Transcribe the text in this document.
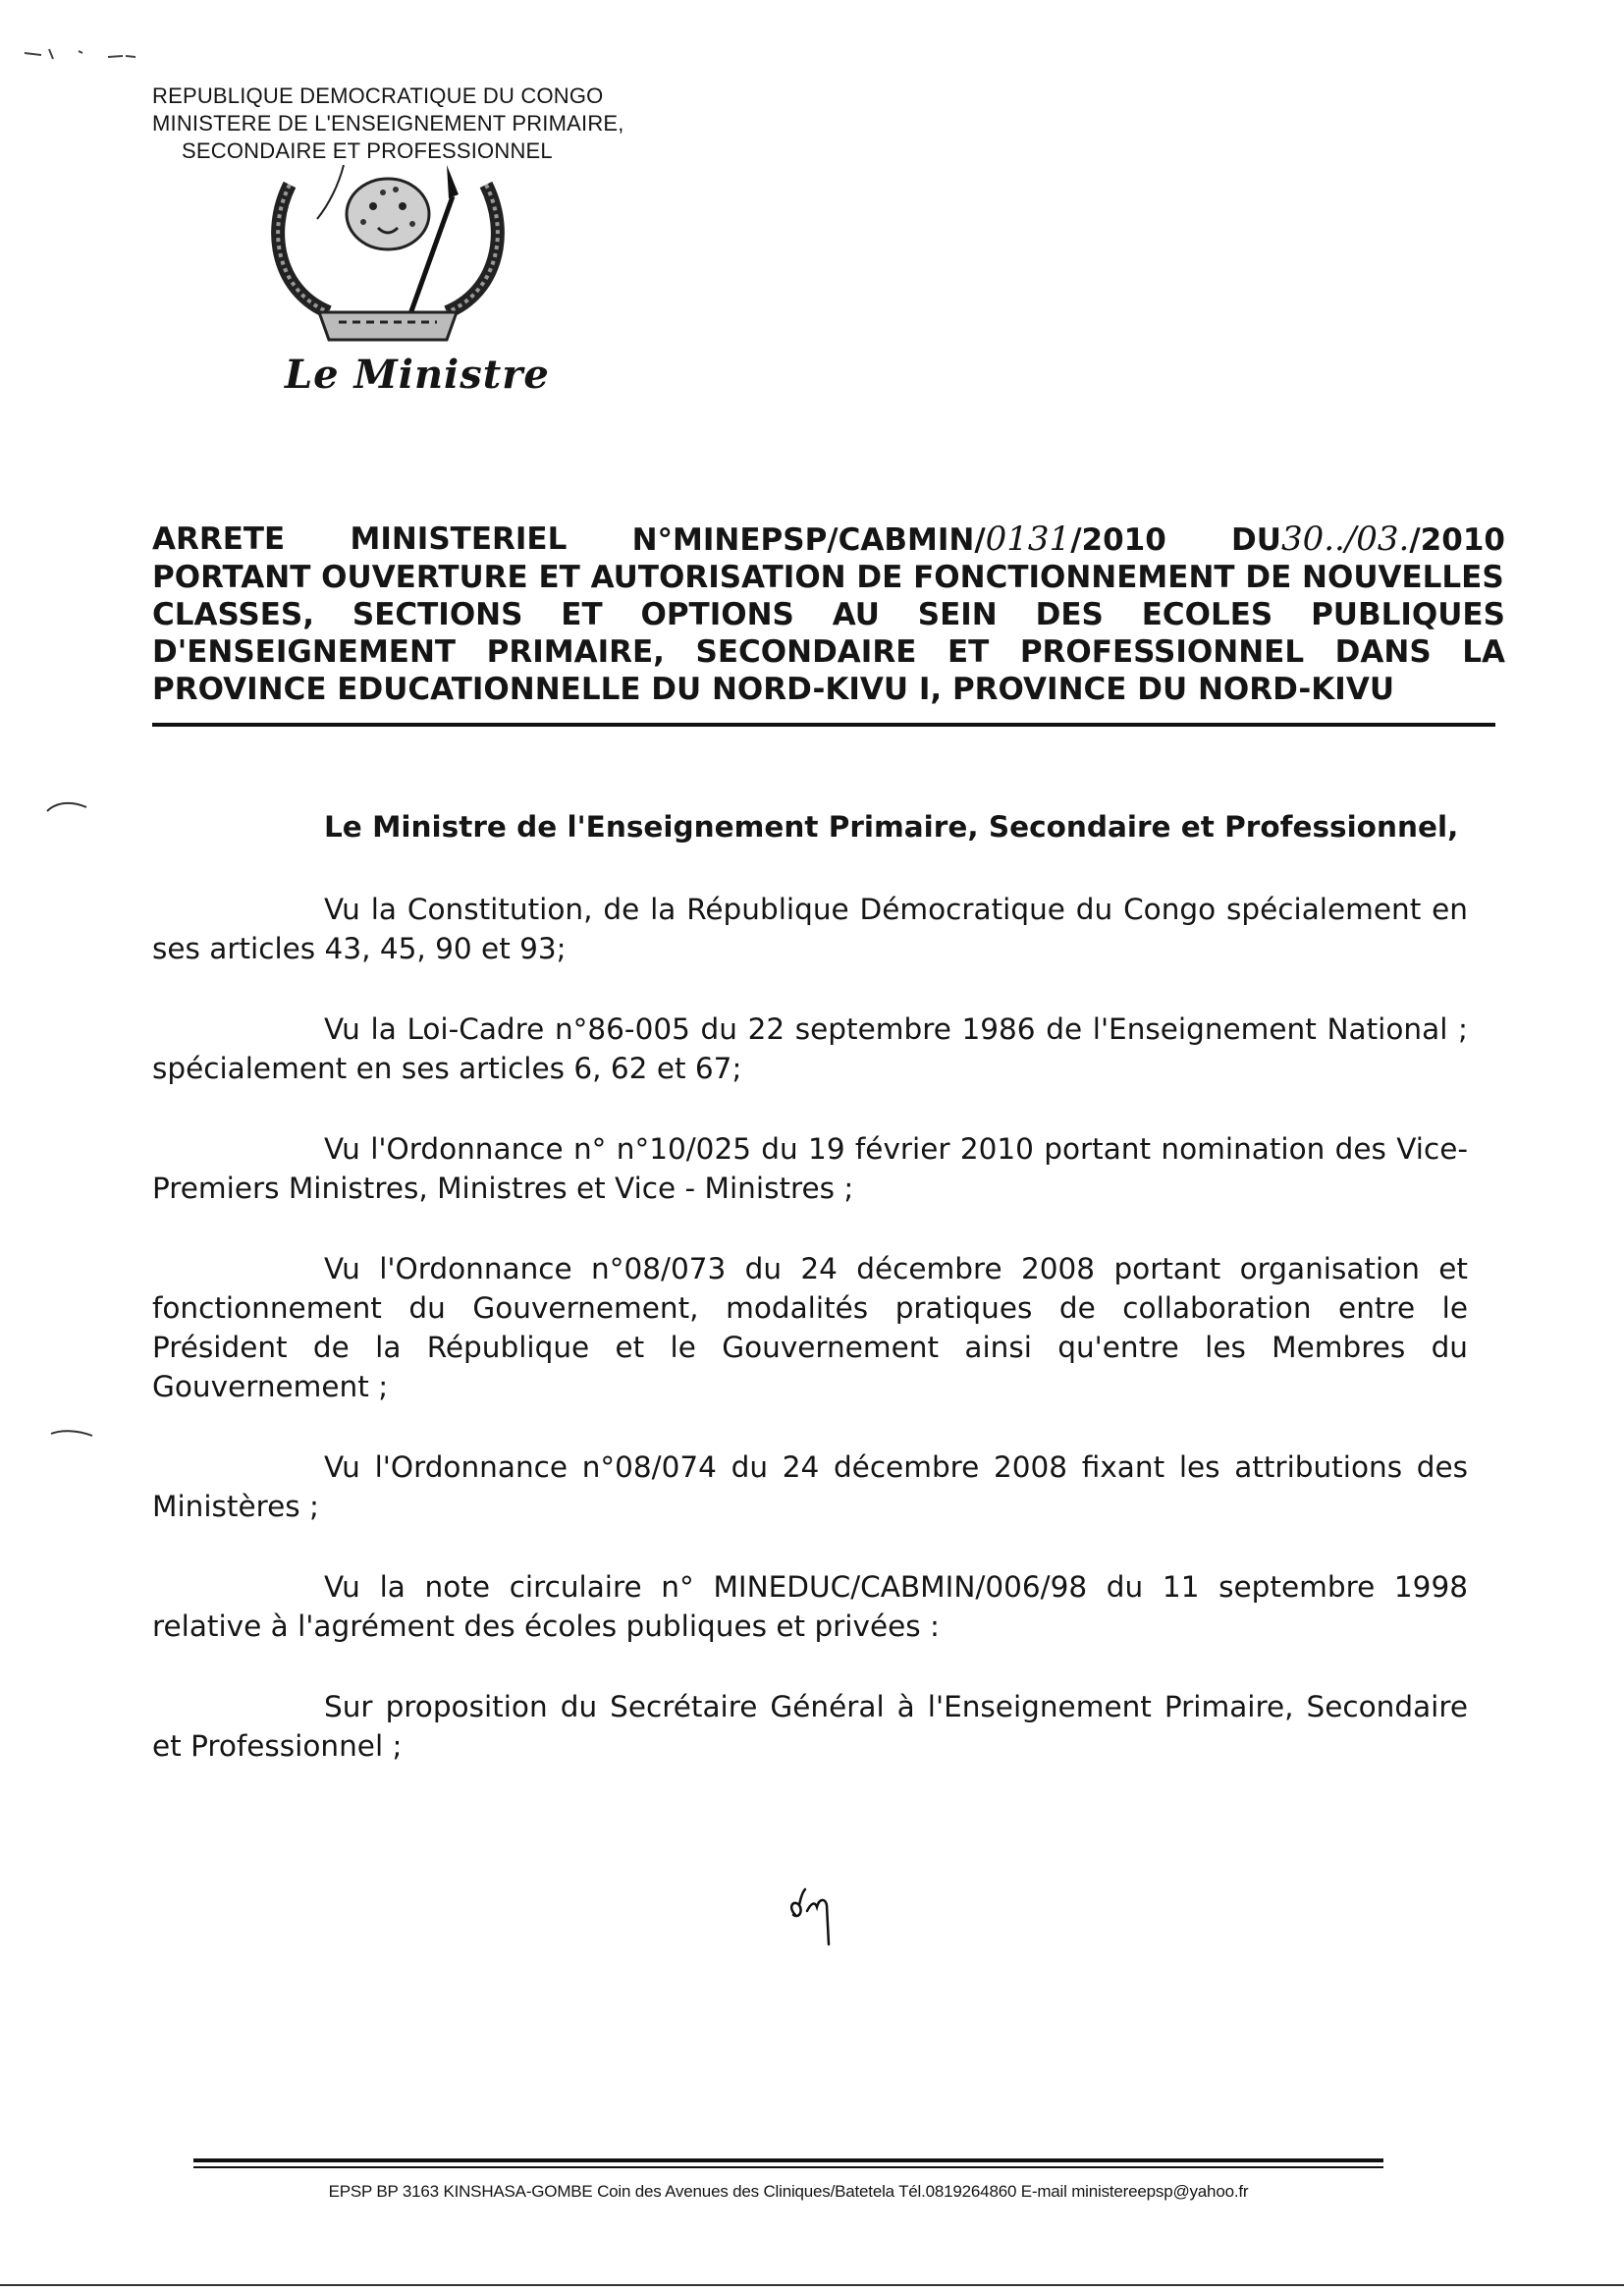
REPUBLIQUE DEMOCRATIQUE DU CONGO
MINISTERE DE L'ENSEIGNEMENT PRIMAIRE,
SECONDAIRE ET PROFESSIONNEL
Le Ministre
ARRETE MINISTERIEL N°MINEPSP/CABMIN/0131/2010 DU30../03./2010
PORTANT OUVERTURE ET AUTORISATION DE FONCTIONNEMENT DE NOUVELLES
CLASSES, SECTIONS ET OPTIONS AU SEIN DES ECOLES PUBLIQUES
D'ENSEIGNEMENT PRIMAIRE, SECONDAIRE ET PROFESSIONNEL DANS LA
PROVINCE EDUCATIONNELLE DU NORD-KIVU I, PROVINCE DU NORD-KIVU

Le Ministre de l'Enseignement Primaire, Secondaire et Professionnel,

Vu la Constitution, de la République Démocratique du Congo spécialement en ses articles 43, 45, 90 et 93;

Vu la Loi-Cadre n°86-005 du 22 septembre 1986 de l'Enseignement National ; spécialement en ses articles 6, 62 et 67;

Vu l'Ordonnance n° n°10/025 du 19 février 2010 portant nomination des Vice-Premiers Ministres, Ministres et Vice - Ministres ;

Vu l'Ordonnance n°08/073 du 24 décembre 2008 portant organisation et fonctionnement du Gouvernement, modalités pratiques de collaboration entre le Président de la République et le Gouvernement ainsi qu'entre les Membres du Gouvernement ;

Vu l'Ordonnance n°08/074 du 24 décembre 2008 fixant les attributions des Ministères ;

Vu la note circulaire n° MINEDUC/CABMIN/006/98 du 11 septembre 1998 relative à l'agrément des écoles publiques et privées :

Sur proposition du Secrétaire Général à l'Enseignement Primaire, Secondaire et Professionnel ;

EPSP BP 3163 KINSHASA-GOMBE Coin des Avenues des Cliniques/Batetela Tél.0819264860 E-mail ministereepsp@yahoo.fr
